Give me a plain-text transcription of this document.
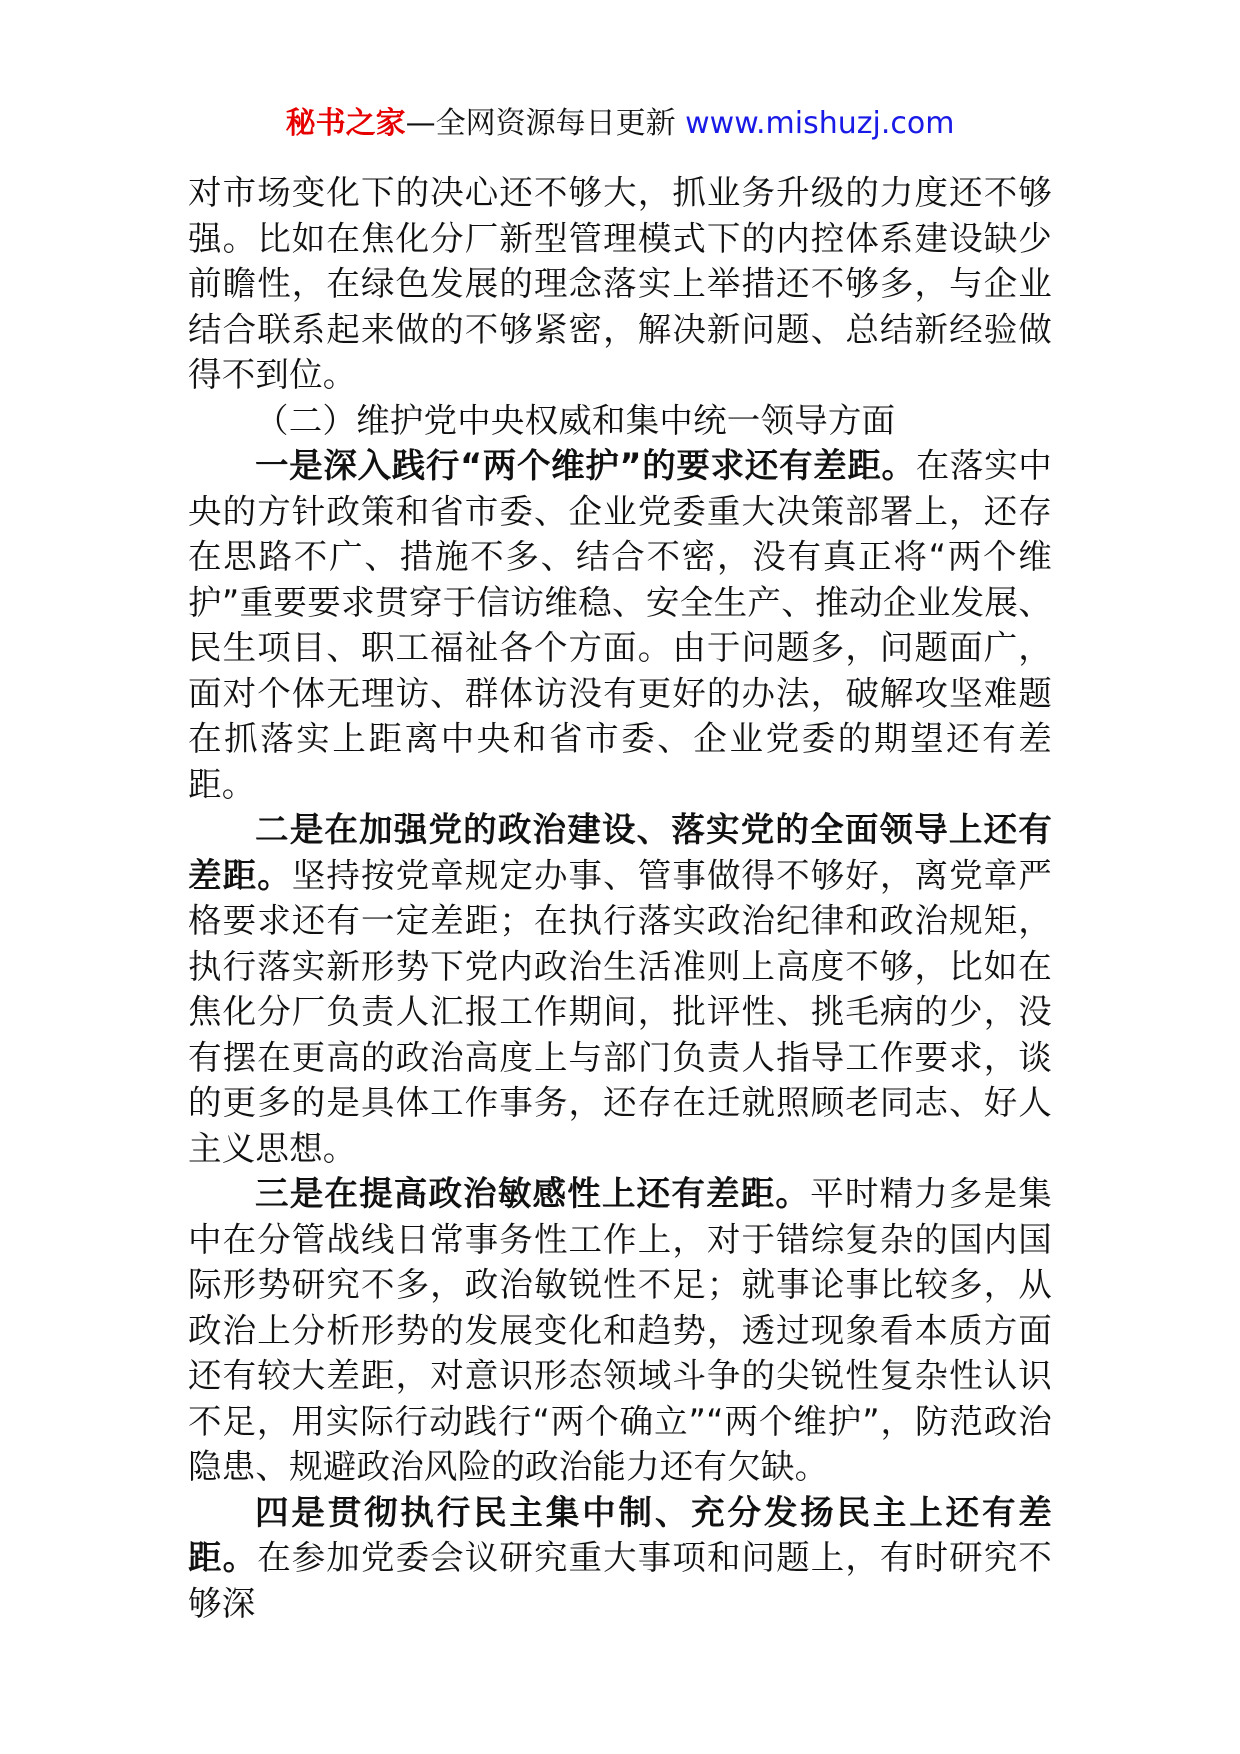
秘书之家—全网资源每日更新 www.mishuzj.com

对市场变化下的决心还不够大，抓业务升级的力度还不够强。比如在焦化分厂新型管理模式下的内控体系建设缺少前瞻性，在绿色发展的理念落实上举措还不够多，与企业结合联系起来做的不够紧密，解决新问题、总结新经验做得不到位。

（二）维护党中央权威和集中统一领导方面

一是深入践行“两个维护”的要求还有差距。在落实中央的方针政策和省市委、企业党委重大决策部署上，还存在思路不广、措施不多、结合不密，没有真正将“两个维护”重要要求贯穿于信访维稳、安全生产、推动企业发展、民生项目、职工福祉各个方面。由于问题多，问题面广，面对个体无理访、群体访没有更好的办法，破解攻坚难题在抓落实上距离中央和省市委、企业党委的期望还有差距。

二是在加强党的政治建设、落实党的全面领导上还有差距。坚持按党章规定办事、管事做得不够好，离党章严格要求还有一定差距；在执行落实政治纪律和政治规矩，执行落实新形势下党内政治生活准则上高度不够，比如在焦化分厂负责人汇报工作期间，批评性、挑毛病的少，没有摆在更高的政治高度上与部门负责人指导工作要求，谈的更多的是具体工作事务，还存在迁就照顾老同志、好人主义思想。

三是在提高政治敏感性上还有差距。平时精力多是集中在分管战线日常事务性工作上，对于错综复杂的国内国际形势研究不多，政治敏锐性不足；就事论事比较多，从政治上分析形势的发展变化和趋势，透过现象看本质方面还有较大差距，对意识形态领域斗争的尖锐性复杂性认识不足，用实际行动践行“两个确立”“两个维护”，防范政治隐患、规避政治风险的政治能力还有欠缺。

四是贯彻执行民主集中制、充分发扬民主上还有差距。在参加党委会议研究重大事项和问题上，有时研究不够深
